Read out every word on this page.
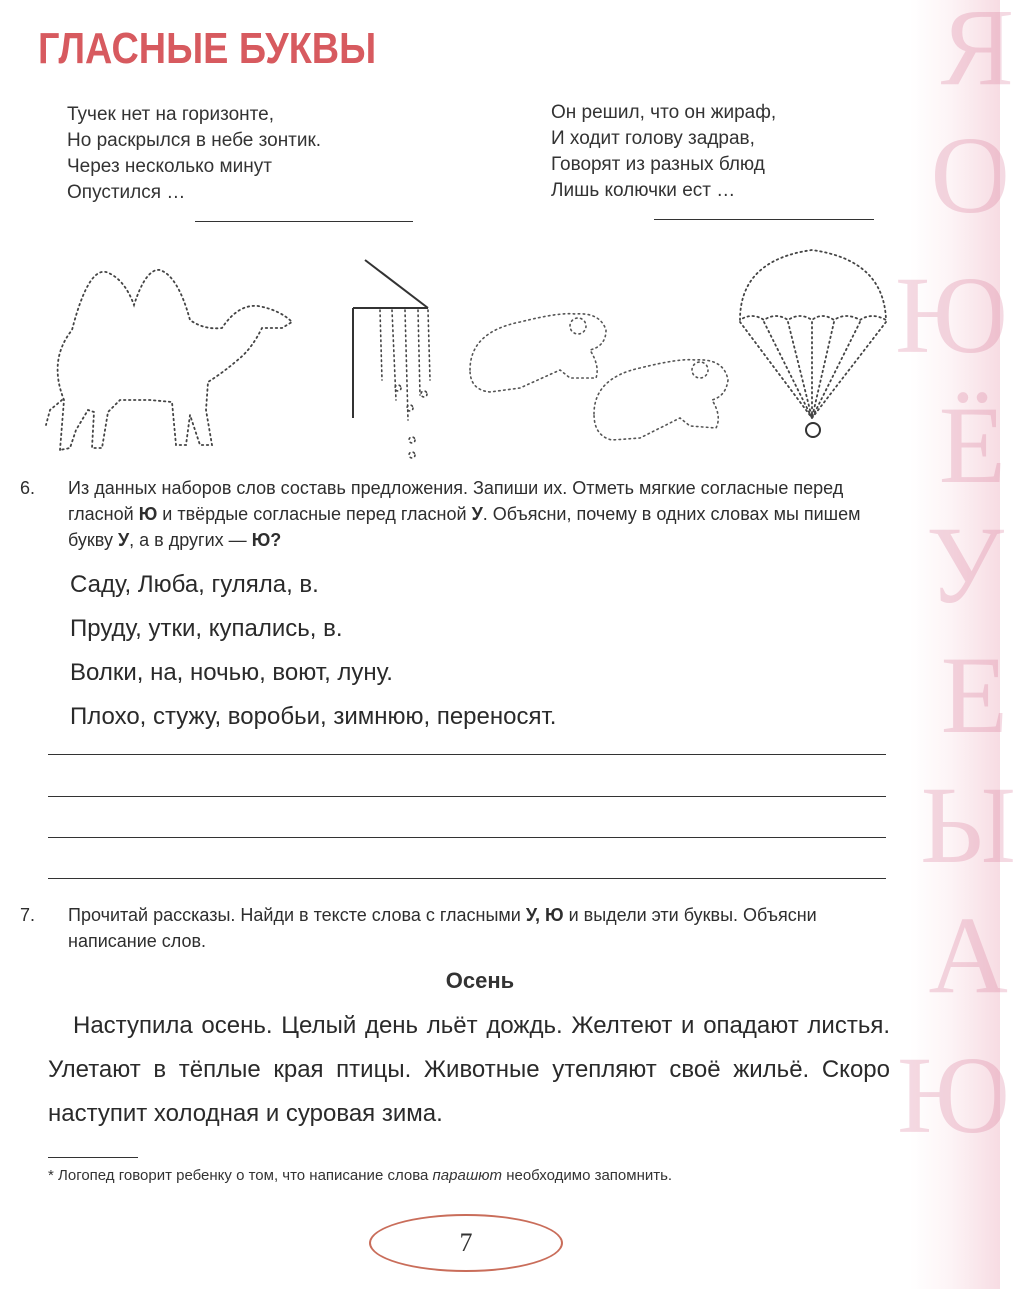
Я
О
Ю
Ё
У
Е
Ы
А
Ю
ГЛАСНЫЕ БУКВЫ
Тучек нет на горизонте,
Но раскрылся в небе зонтик.
Через несколько минут
Опустился …
Он решил, что он жираф,
И ходит голову задрав,
Говорят из разных блюд
Лишь колючки ест …
6. Из данных наборов слов составь предложения. Запиши их. Отметь мягкие согласные перед гласной Ю и твёрдые согласные перед гласной У. Объясни, почему в одних словах мы пишем букву У, а в других — Ю?
Саду, Люба, гуляла, в.
Пруду, утки, купались, в.
Волки, на, ночью, воют, луну.
Плохо, стужу, воробьи, зимнюю, переносят.
7. Прочитай рассказы. Найди в тексте слова с гласными У, Ю и выдели эти буквы. Объясни написание слов.
Осень
Наступила осень. Целый день льёт дождь. Желтеют и опадают листья. Улетают в тёплые края птицы. Животные утепляют своё жильё. Скоро наступит холодная и суровая зима.
* Логопед говорит ребенку о том, что написание слова парашют необходимо запомнить.
7
